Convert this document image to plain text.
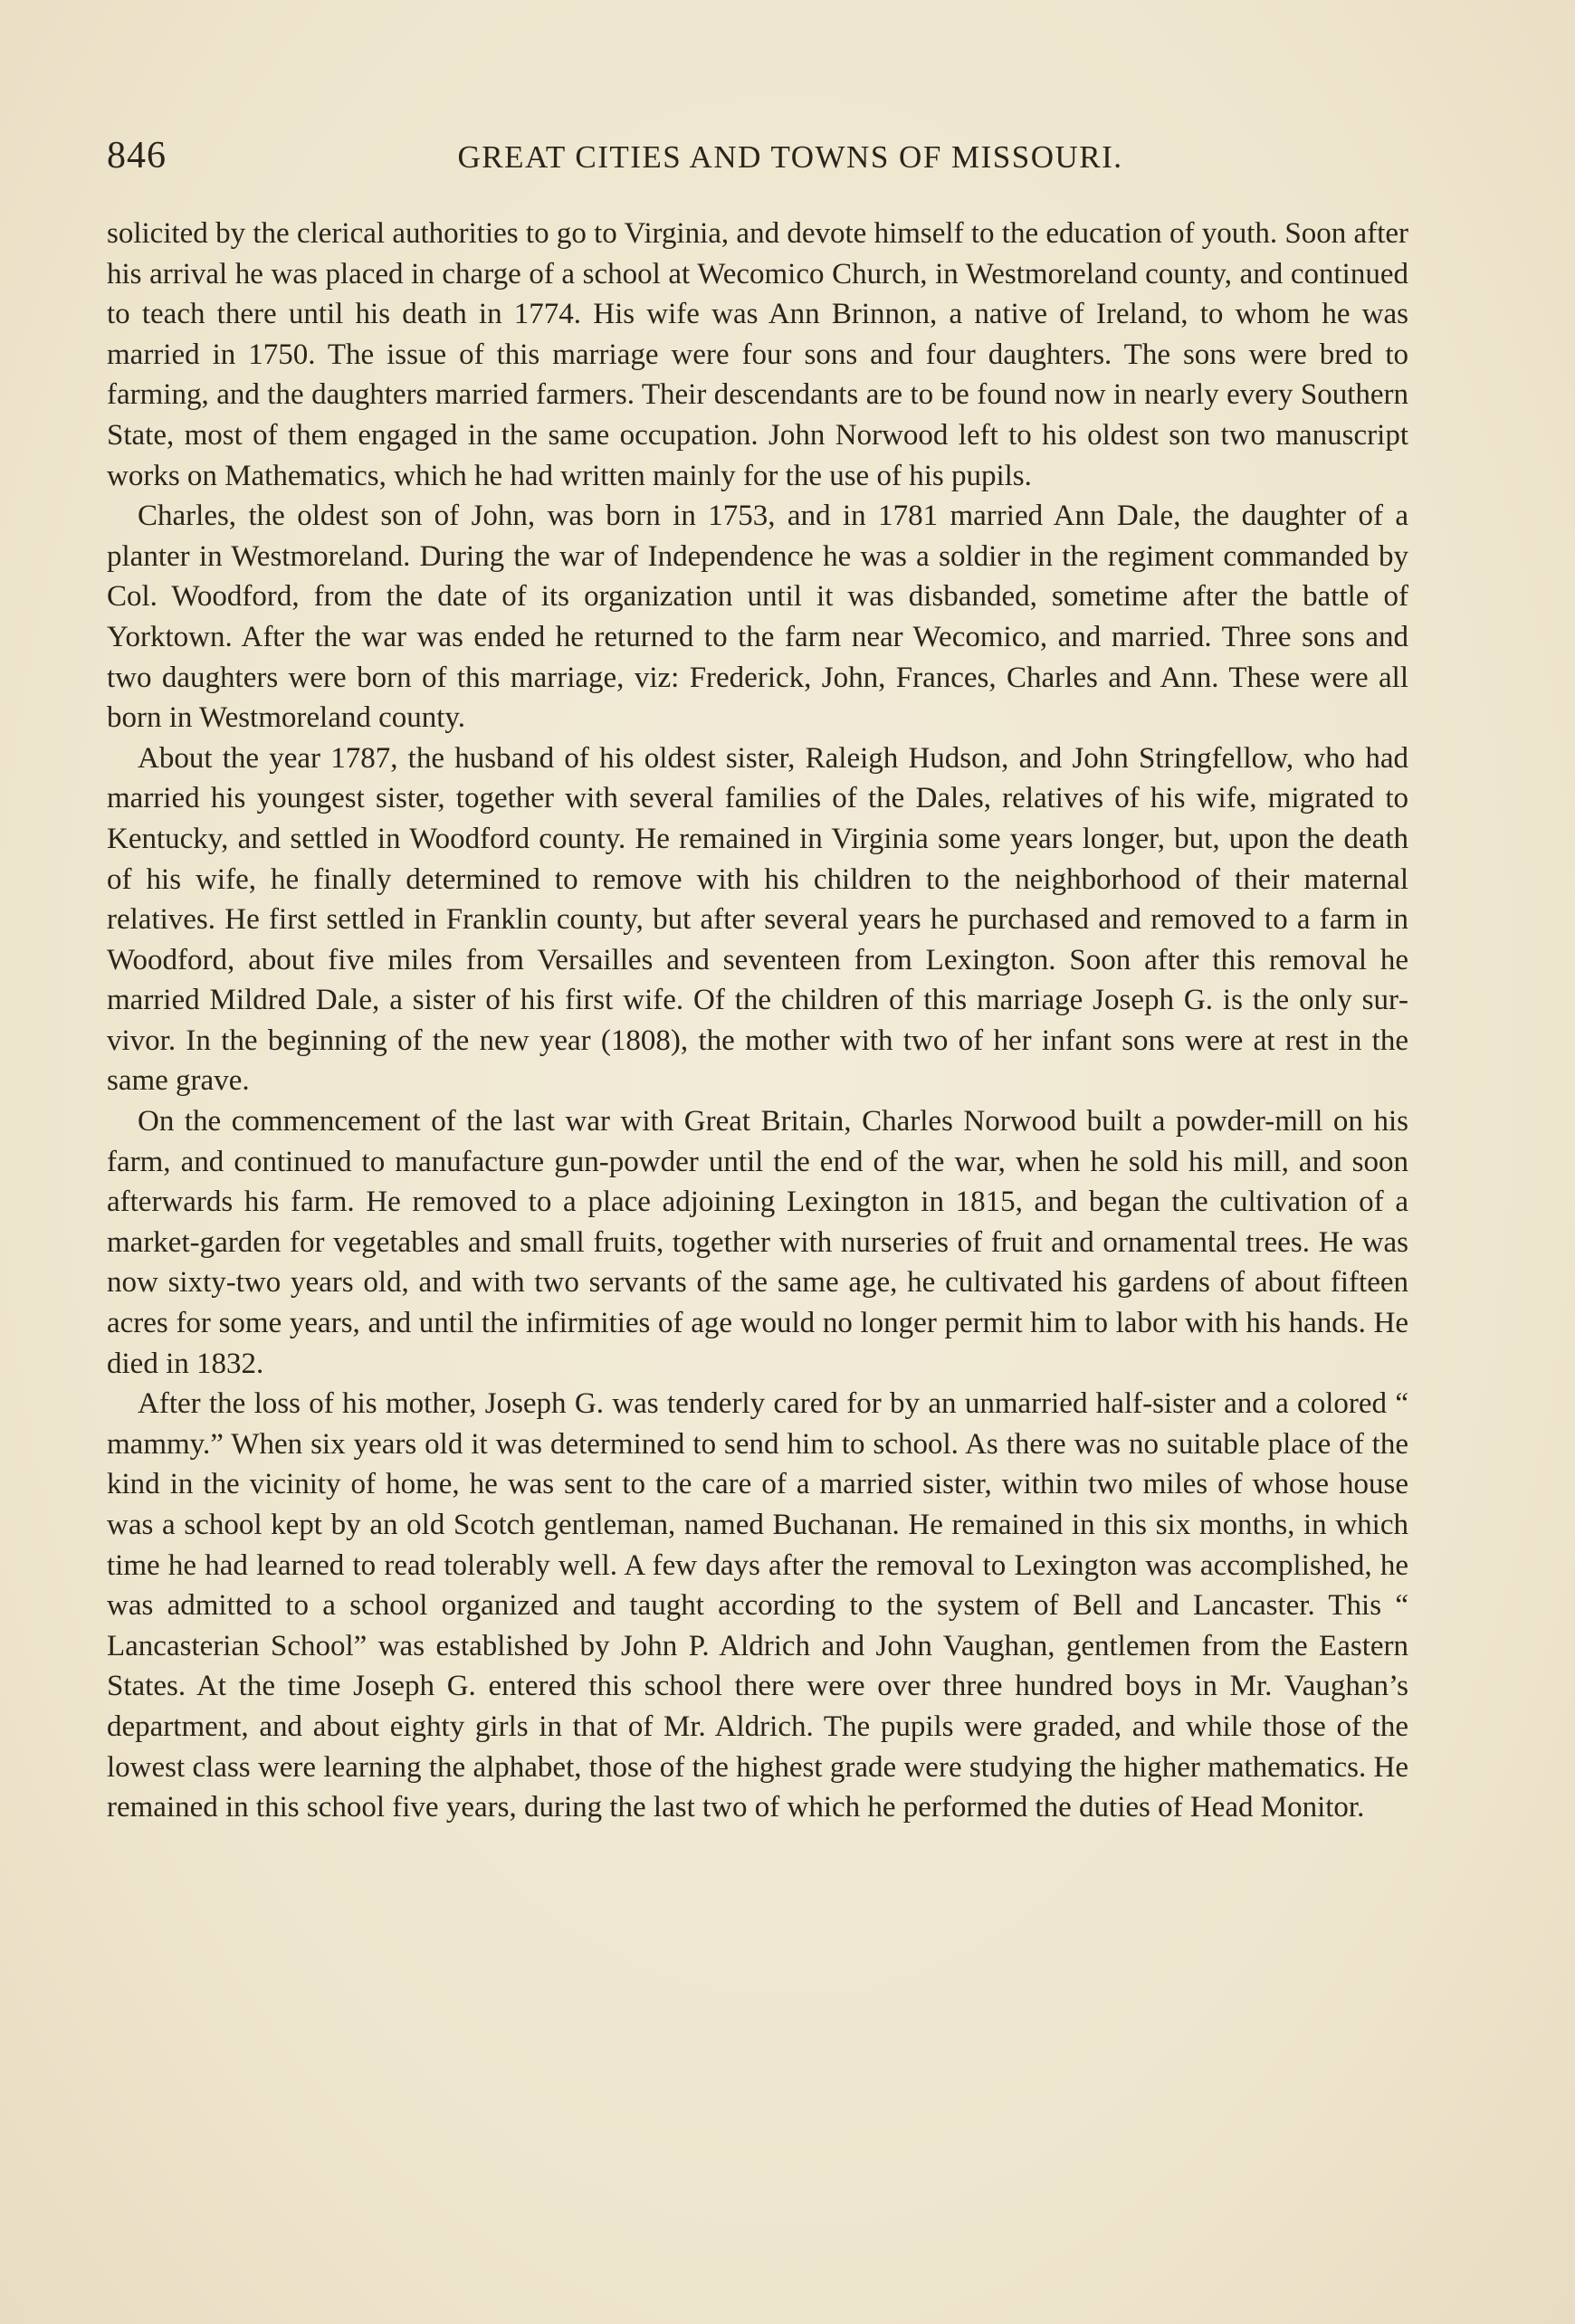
846	GREAT CITIES AND TOWNS OF MISSOURI.

solicited by the clerical authorities to go to Virginia, and devote himself to the education of youth. Soon after his arrival he was placed in charge of a school at Wecomico Church, in Westmoreland county, and continued to teach there until his death in 1774. His wife was Ann Brinnon, a native of Ireland, to whom he was married in 1750. The issue of this marriage were four sons and four daughters. The sons were bred to farming, and the daughters married farmers. Their descendants are to be found now in nearly every Southern State, most of them engaged in the same occupation. John Norwood left to his oldest son two manuscript works on Mathematics, which he had written mainly for the use of his pupils.

Charles, the oldest son of John, was born in 1753, and in 1781 married Ann Dale, the daughter of a planter in Westmoreland. During the war of Independence he was a soldier in the regiment commanded by Col. Woodford, from the date of its organization until it was disbanded, sometime after the battle of Yorktown. After the war was ended he returned to the farm near Wecomico, and married. Three sons and two daughters were born of this marriage, viz: Frederick, John, Frances, Charles and Ann. These were all born in Westmoreland county.

About the year 1787, the husband of his oldest sister, Raleigh Hudson, and John Stringfellow, who had married his youngest sister, together with several families of the Dales, relatives of his wife, migrated to Kentucky, and settled in Woodford county. He remained in Virginia some years longer, but, upon the death of his wife, he finally determined to remove with his children to the neighborhood of their maternal relatives. He first settled in Franklin county, but after several years he purchased and removed to a farm in Woodford, about five miles from Versailles and seventeen from Lexington. Soon after this removal he married Mildred Dale, a sister of his first wife. Of the children of this marriage Joseph G. is the only survivor. In the beginning of the new year (1808), the mother with two of her infant sons were at rest in the same grave.

On the commencement of the last war with Great Britain, Charles Norwood built a powder-mill on his farm, and continued to manufacture gun-powder until the end of the war, when he sold his mill, and soon afterwards his farm. He removed to a place adjoining Lexington in 1815, and began the cultivation of a market-garden for vegetables and small fruits, together with nurseries of fruit and ornamental trees. He was now sixty-two years old, and with two servants of the same age, he cultivated his gardens of about fifteen acres for some years, and until the infirmities of age would no longer permit him to labor with his hands. He died in 1832.

After the loss of his mother, Joseph G. was tenderly cared for by an unmarried half-sister and a colored “ mammy.” When six years old it was determined to send him to school. As there was no suitable place of the kind in the vicinity of home, he was sent to the care of a married sister, within two miles of whose house was a school kept by an old Scotch gentleman, named Buchanan. He remained in this six months, in which time he had learned to read tolerably well. A few days after the removal to Lexington was accomplished, he was admitted to a school organized and taught according to the system of Bell and Lancaster. This “ Lancasterian School” was established by John P. Aldrich and John Vaughan, gentlemen from the Eastern States. At the time Joseph G. entered this school there were over three hundred boys in Mr. Vaughan’s department, and about eighty girls in that of Mr. Aldrich. The pupils were graded, and while those of the lowest class were learning the alphabet, those of the highest grade were studying the higher mathematics. He remained in this school five years, during the last two of which he performed the duties of Head Monitor.
